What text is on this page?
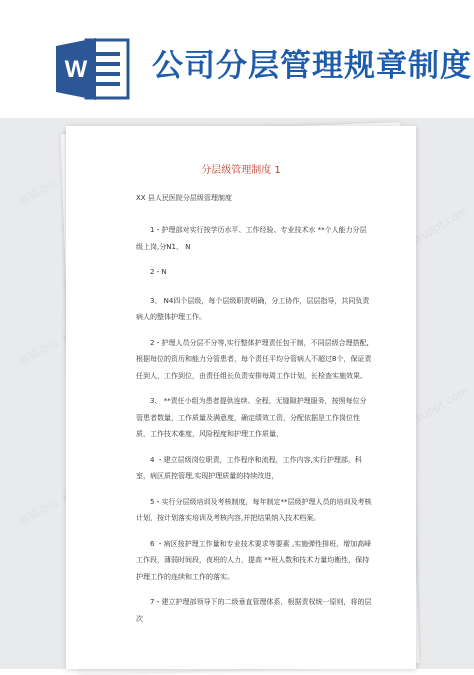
W 公司分层管理规章制度
熊猫办公
熊猫办公
熊猫办公
www.tukuppt.com
www.tukuppt.com
分层级管理制度 1
XX 县人民医院分层级管理制度

1・护理部对实行按学历水平、工作经验、专业技术水 **个人能力分层级上岗,分N1、 N

2・N

3、 N4四个层级，每个层级职责明确，分工协作，层层指导，共同负责病人的整体护理工作。

2・护理人员分层不分等,实行整体护理责任包干制，不同层级合理搭配,根据每位的资历和能力分管患者，每个责任平均分管病人不超过8个，保证责任到人，工作到位，由责任组长负责安排每周工作计划，长检查实施效果。

3、 **责任小组为患者提供连续、全程，无缝隙护理服务，按照每位分管患者数量，工作质量及满意度，确定绩效工资，分配依据是工作岗位性质，工作技术难度，风险程度和护理工作质量，

4 ・建立层级岗位职责，工作程序和流程，工作内容,实行护理部，科室，病区质控管理,实现护理质量的持续改进，

5・实行分层级培训及考核制度，每年制定**层级护理人员的培训及考核计划，按计划落实培训及考核内容,并把结果纳入技术档案。

6 ・病区按护理工作量和专业技术要求等要素 ,实施弹性排班，增加高峰工作段，薄弱时间段，夜班的人力，提高 **班人数和技术力量均衡性，保持护理工作的连续和工作的落实。

7・建立护理部领导下的二级垂直管理体系，根据责权统一原则，将的层次
